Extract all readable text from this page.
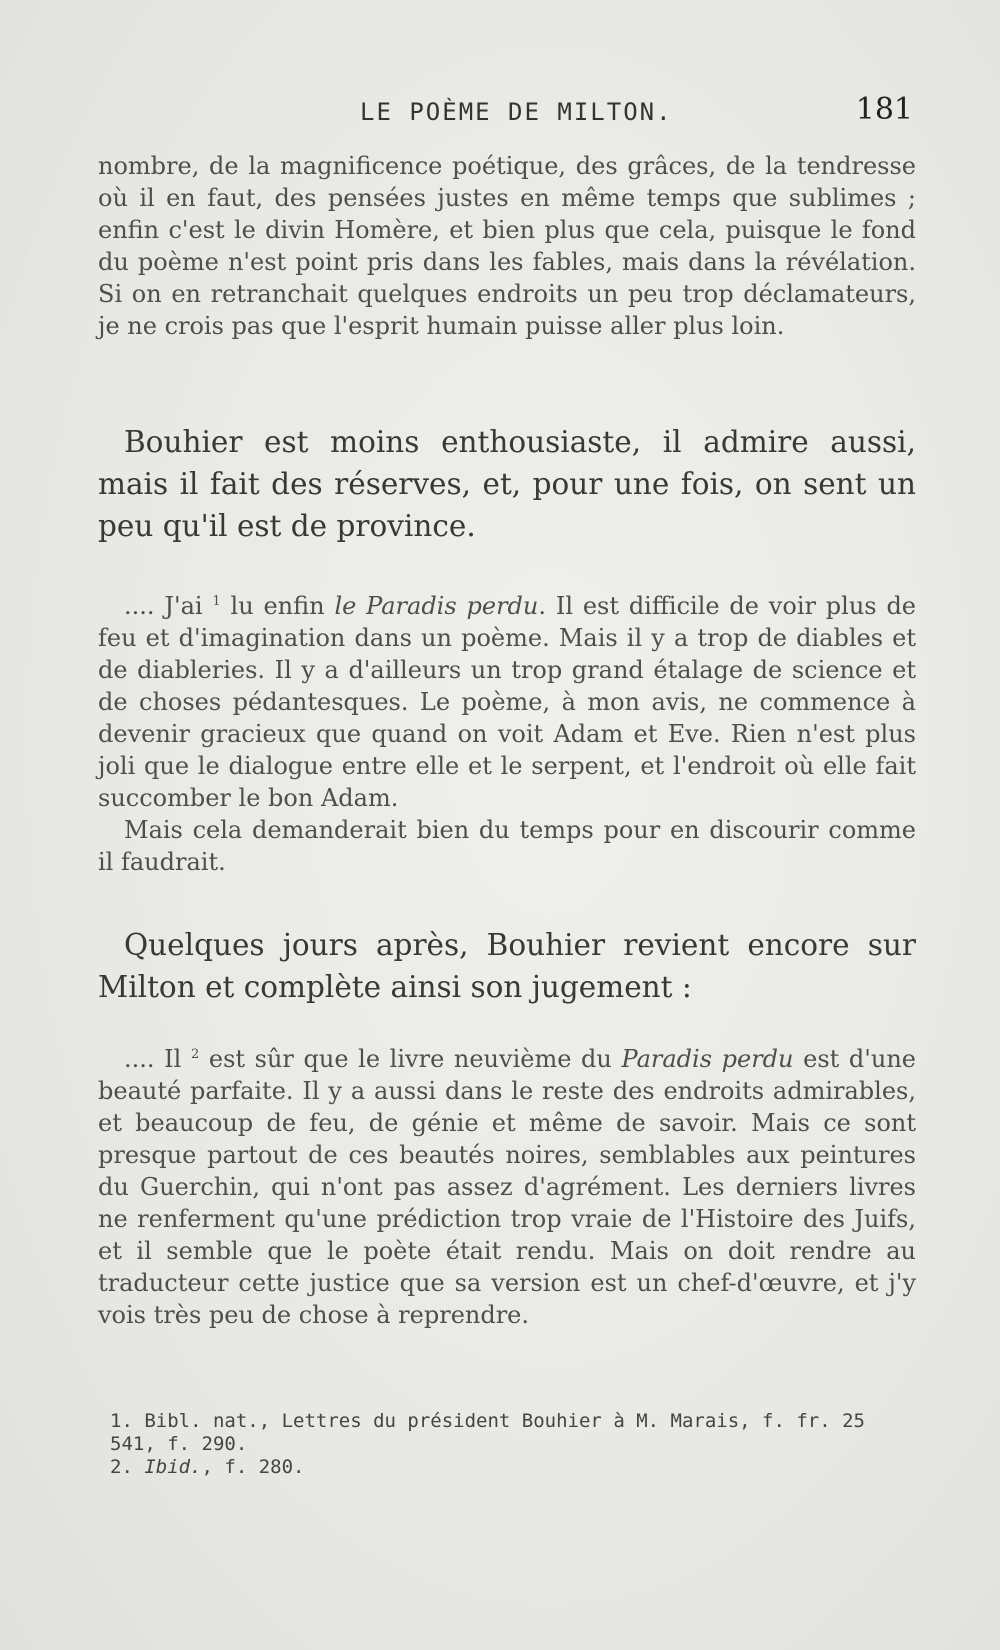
LE POÈME DE MILTON.	181

nombre, de la magnificence poétique, des grâces, de la tendresse où il en faut, des pensées justes en même temps que sublimes ; enfin c'est le divin Homère, et bien plus que cela, puisque le fond du poème n'est point pris dans les fables, mais dans la révélation. Si on en retranchait quelques endroits un peu trop déclamateurs, je ne crois pas que l'esprit humain puisse aller plus loin.

Bouhier est moins enthousiaste, il admire aussi, mais il fait des réserves, et, pour une fois, on sent un peu qu'il est de province.

.... J'ai $^1$ lu enfin le Paradis perdu. Il est difficile de voir plus de feu et d'imagination dans un poème. Mais il y a trop de diables et de diableries. Il y a d'ailleurs un trop grand étalage de science et de choses pédantesques. Le poème, à mon avis, ne commence à devenir gracieux que quand on voit Adam et Eve. Rien n'est plus joli que le dialogue entre elle et le serpent, et l'endroit où elle fait succomber le bon Adam.

Mais cela demanderait bien du temps pour en discourir comme il faudrait.

Quelques jours après, Bouhier revient encore sur Milton et complète ainsi son jugement :

.... Il $^2$ est sûr que le livre neuvième du Paradis perdu est d'une beauté parfaite. Il y a aussi dans le reste des endroits admirables, et beaucoup de feu, de génie et même de savoir. Mais ce sont presque partout de ces beautés noires, semblables aux peintures du Guerchin, qui n'ont pas assez d'agrément. Les derniers livres ne renferment qu'une prédiction trop vraie de l'Histoire des Juifs, et il semble que le poète était rendu. Mais on doit rendre au traducteur cette justice que sa version est un chef-d'œuvre, et j'y vois très peu de chose à reprendre.

1. Bibl. nat., Lettres du président Bouhier à M. Marais, f. fr. 25 541, f. 290.

2. Ibid., f. 280.
